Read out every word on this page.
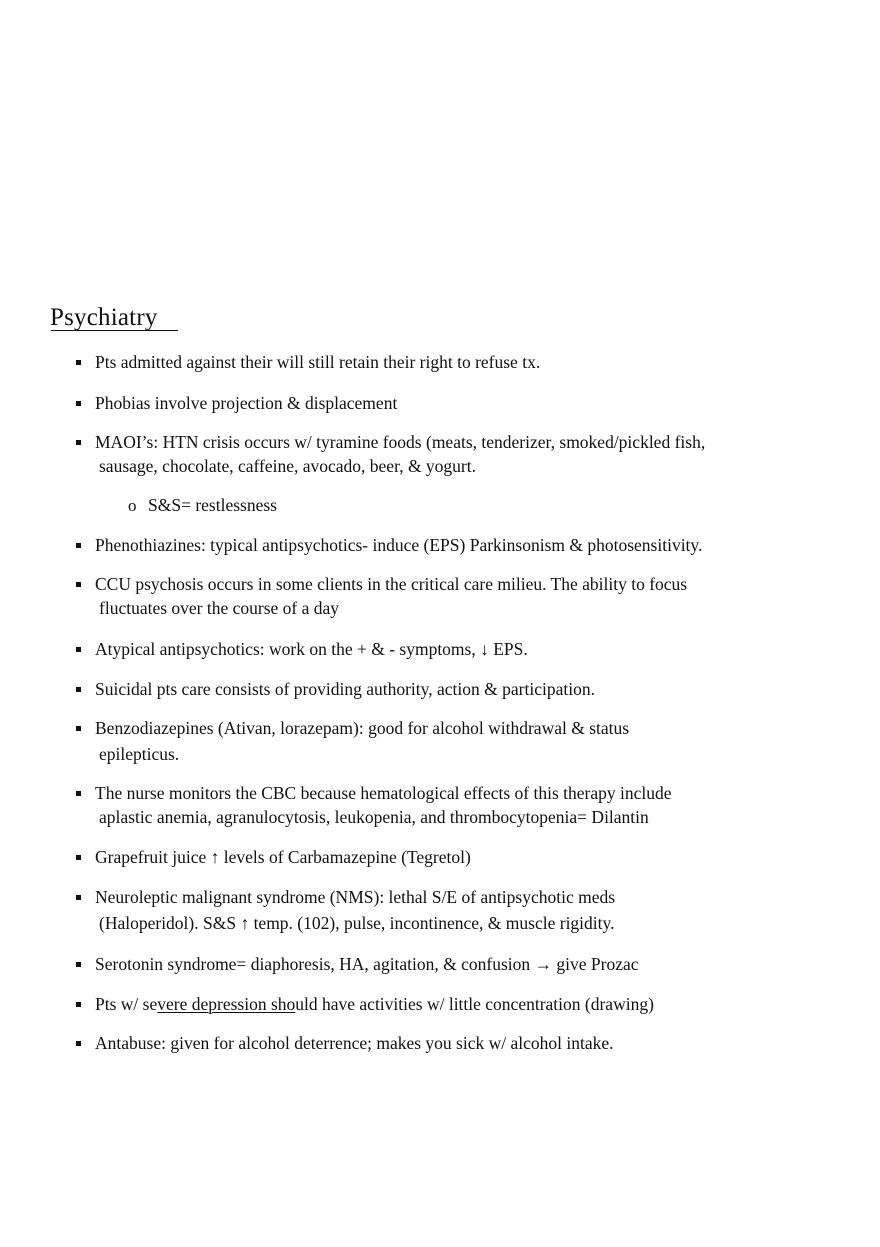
Psychiatry
Pts admitted against their will still retain their right to refuse tx.
Phobias involve projection & displacement
MAOI’s: HTN crisis occurs w/ tyramine foods (meats, tenderizer, smoked/pickled fish,
sausage, chocolate, caffeine, avocado, beer, & yogurt.
Phenothiazines: typical antipsychotics- induce (EPS) Parkinsonism & photosensitivity.
CCU psychosis occurs in some clients in the critical care milieu. The ability to focus
fluctuates over the course of a day
Atypical antipsychotics: work on the + & - symptoms, ↓ EPS.
Suicidal pts care consists of providing authority, action & participation.
Benzodiazepines (Ativan, lorazepam): good for alcohol withdrawal & status
epilepticus.
The nurse monitors the CBC because hematological effects of this therapy include
aplastic anemia, agranulocytosis, leukopenia, and thrombocytopenia= Dilantin
Grapefruit juice ↑ levels of Carbamazepine (Tegretol)
Neuroleptic malignant syndrome (NMS): lethal S/E of antipsychotic meds
(Haloperidol). S&S ↑ temp. (102), pulse, incontinence, & muscle rigidity.
Serotonin syndrome= diaphoresis, HA, agitation, & confusion → give Prozac
Pts w/ severe depression should have activities w/ little concentration (drawing)
Antabuse: given for alcohol deterrence; makes you sick w/ alcohol intake.
o S&S= restlessness
